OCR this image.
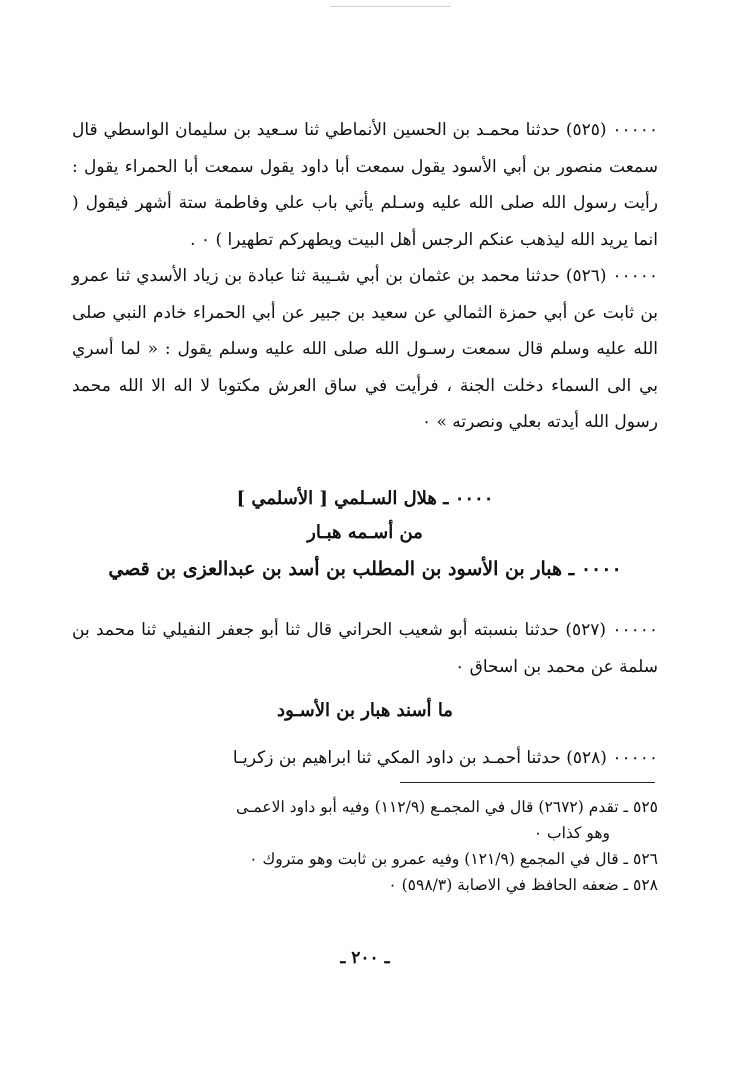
٠٠٠٠٠ (٥٢٥) حدثنا محمـد بن الحسين الأنماطي ثنا سـعيد بن سليمان الواسطي قال سمعت منصور بن أبي الأسود يقول سمعت أبا داود يقول سمعت أبا الحمراء يقول : رأيت رسول الله صلى الله عليه وسـلم يأتي باب علي وفاطمة ستة أشهر فيقول ( انما يريد الله ليذهب عنكم الرجس أهل البيت ويطهركم تطهيرا ) ٠ .

٠٠٠٠٠ (٥٢٦) حدثنا محمد بن عثمان بن أبي شـيبة ثنا عبادة بن زياد الأسدي ثنا عمرو بن ثابت عن أبي حمزة الثمالي عن سعيد بن جبير عن أبي الحمراء خادم النبي صلى الله عليه وسلم قال سمعت رسـول الله صلى الله عليه وسلم يقول : « لما أسري بي الى السماء دخلت الجنة ، فرأيت في ساق العرش مكتوبا لا اله الا الله محمد رسول الله أيدته بعلي ونصرته » ٠

٠٠٠٠ ـ هلال السـلمي [ الأسلمي ]
من أسـمه هبـار
٠٠٠٠ ـ هبار بن الأسود بن المطلب بن أسد بن عبدالعزى بن قصي
٠٠٠٠٠ (٥٢٧) حدثنا بنسبته أبو شعيب الحراني قال ثنا أبو جعفر النفيلي ثنا محمد بن سلمة عن محمد بن اسحاق ٠
ما أسند هبار بن الأسـود
٠٠٠٠٠ (٥٢٨) حدثنا أحمـد بن داود المكي ثنا ابراهيم بن زكريـا

٥٢٥ ـ تقدم (٢٦٧٢) قال في المجمـع (١١٢/٩) وفيه أبو داود الاعمـى

وهو كذاب ٠

٥٢٦ ـ قال في المجمع (١٢١/٩) وفيه عمرو بن ثابت وهو متروك ٠

٥٢٨ ـ ضعفه الحافظ في الاصابة (٥٩٨/٣) ٠

ـ ٢٠٠ ـ
